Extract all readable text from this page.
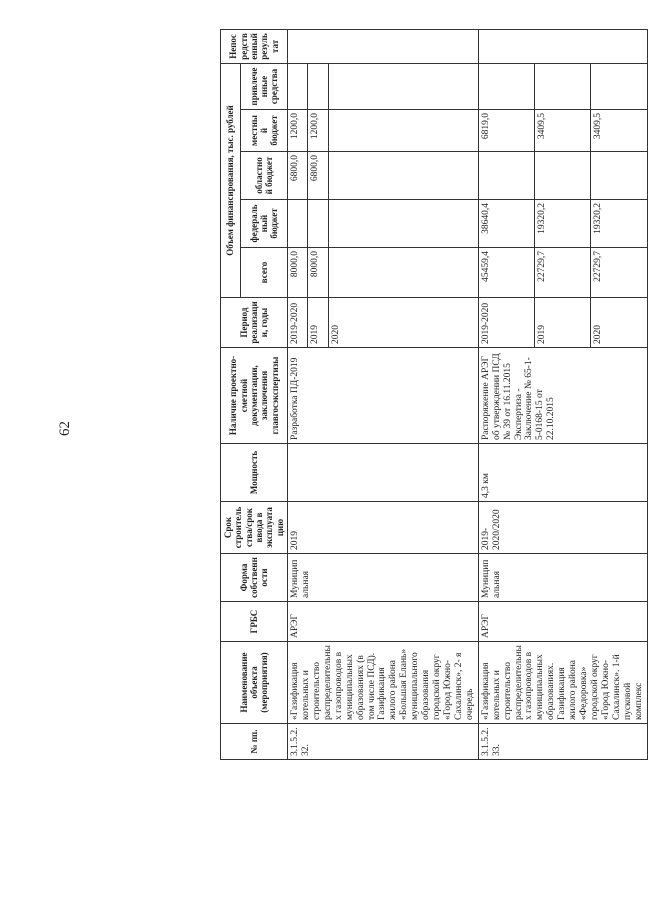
62
№ пп.	Наименование объекта (мероприятия)	ГРБС	Форма собственности	Срок строительства/срок ввода в эксплуатацию	Мощность	Наличие проектно-сметной документации, заключения главгосэкспертизы	Период реализации, годы	Объем финансирования, тыс. рублей					Непосредственный результат
								всего	федеральный бюджет	областной бюджет	местный бюджет	привлеченные средства	
3.1.5.2.32.	«Газификация котельных и строительство распределительных газопроводов в муниципальных образованиях (в том числе ПСД). Газификация жилого района «Большая Елань» муниципального образования городской округ «Город Южно-Сахалинск», 2- я очередь	АРЭГ	Муниципальная	2019		Разработка ПД-2019	2019-2020	8000,0		6800,0	1200,0		
							2019	8000,0		6800,0	1200,0		
							2020						
3.1.5.2.33.	«Газификация котельных и строительство распределительных газопроводов в муниципальных образованиях. Газификация жилого района «Федоровка» городской округ «Город Южно-Сахалинск». 1-й пусковой комплекс	АРЭГ	Муниципальная	2019-2020/2020	4,3 км	Распоряжение АРЭГ об утверждении ПСД № 39 от 16.11.2015 Экспертиза - Заключение № 65-1-5-0168-15 от 22.10.2015	2019-2020	45459,4	38640,4		6819,0		
							2019	22729,7	19320,2		3409,5		
							2020	22729,7	19320,2		3409,5		
